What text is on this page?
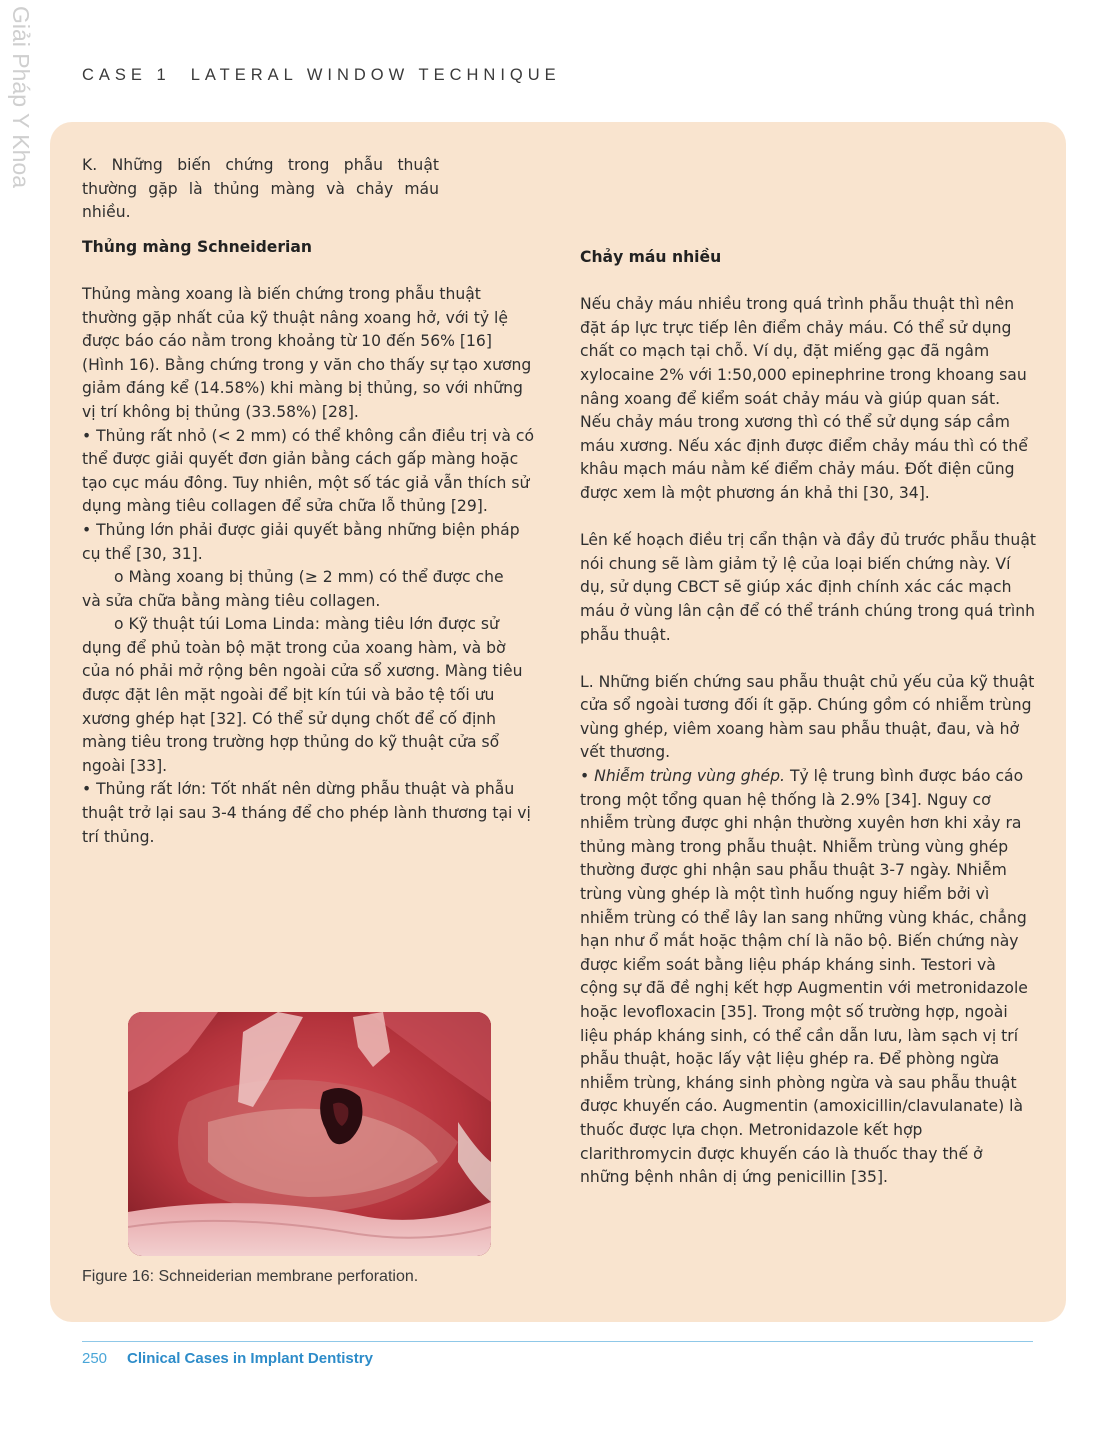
Giải Pháp Y Khoa	CASE 1 LATERAL WINDOW TECHNIQUE

K. Những biến chứng trong phẫu thuật thường gặp là thủng màng và chảy máu nhiều.

Thủng màng Schneiderian

Thủng màng xoang là biến chứng trong phẫu thuật thường gặp nhất của kỹ thuật nâng xoang hở, với tỷ lệ được báo cáo nằm trong khoảng từ 10 đến 56% [16] (Hình 16). Bằng chứng trong y văn cho thấy sự tạo xương giảm đáng kể (14.58%) khi màng bị thủng, so với những vị trí không bị thủng (33.58%) [28].

• Thủng rất nhỏ (< 2 mm) có thể không cần điều trị và có thể được giải quyết đơn giản bằng cách gấp màng hoặc tạo cục máu đông. Tuy nhiên, một số tác giả vẫn thích sử dụng màng tiêu collagen để sửa chữa lỗ thủng [29].

• Thủng lớn phải được giải quyết bằng những biện pháp cụ thể [30, 31].

o Màng xoang bị thủng (≥ 2 mm) có thể được che

và sửa chữa bằng màng tiêu collagen.

o Kỹ thuật túi Loma Linda: màng tiêu lớn được sử

dụng để phủ toàn bộ mặt trong của xoang hàm, và bờ của nó phải mở rộng bên ngoài cửa sổ xương. Màng tiêu được đặt lên mặt ngoài để bịt kín túi và bảo tệ tối ưu xương ghép hạt [32]. Có thể sử dụng chốt để cố định màng tiêu trong trường hợp thủng do kỹ thuật cửa sổ ngoài [33].

• Thủng rất lớn: Tốt nhất nên dừng phẫu thuật và phẫu thuật trở lại sau 3-4 tháng để cho phép lành thương tại vị trí thủng.

Chảy máu nhiều

Nếu chảy máu nhiều trong quá trình phẫu thuật thì nên đặt áp lực trực tiếp lên điểm chảy máu. Có thể sử dụng chất co mạch tại chỗ. Ví dụ, đặt miếng gạc đã ngâm xylocaine 2% với 1:50,000 epinephrine trong khoang sau nâng xoang để kiểm soát chảy máu và giúp quan sát. Nếu chảy máu trong xương thì có thể sử dụng sáp cầm máu xương. Nếu xác định được điểm chảy máu thì có thể khâu mạch máu nằm kế điểm chảy máu. Đốt điện cũng được xem là một phương án khả thi [30, 34].

Lên kế hoạch điều trị cẩn thận và đầy đủ trước phẫu thuật nói chung sẽ làm giảm tỷ lệ của loại biến chứng này. Ví dụ, sử dụng CBCT sẽ giúp xác định chính xác các mạch máu ở vùng lân cận để có thể tránh chúng trong quá trình phẫu thuật.

L. Những biến chứng sau phẫu thuật chủ yếu của kỹ thuật cửa sổ ngoài tương đối ít gặp. Chúng gồm có nhiễm trùng vùng ghép, viêm xoang hàm sau phẫu thuật, đau, và hở vết thương.

• Nhiễm trùng vùng ghép. Tỷ lệ trung bình được báo cáo trong một tổng quan hệ thống là 2.9% [34]. Nguy cơ nhiễm trùng được ghi nhận thường xuyên hơn khi xảy ra thủng màng trong phẫu thuật. Nhiễm trùng vùng ghép thường được ghi nhận sau phẫu thuật 3-7 ngày. Nhiễm trùng vùng ghép là một tình huống nguy hiểm bởi vì nhiễm trùng có thể lây lan sang những vùng khác, chẳng hạn như ổ mắt hoặc thậm chí là não bộ. Biến chứng này được kiểm soát bằng liệu pháp kháng sinh. Testori và cộng sự đã đề nghị kết hợp Augmentin với metronidazole hoặc levofloxacin [35]. Trong một số trường hợp, ngoài liệu pháp kháng sinh, có thể cần dẫn lưu, làm sạch vị trí phẫu thuật, hoặc lấy vật liệu ghép ra. Để phòng ngừa nhiễm trùng, kháng sinh phòng ngừa và sau phẫu thuật được khuyến cáo. Augmentin (amoxicillin/clavulanate) là thuốc được lựa chọn. Metronidazole kết hợp clarithromycin được khuyến cáo là thuốc thay thế ở những bệnh nhân dị ứng penicillin [35].

Figure 16: Schneiderian membrane perforation.
250 Clinical Cases in Implant Dentistry
